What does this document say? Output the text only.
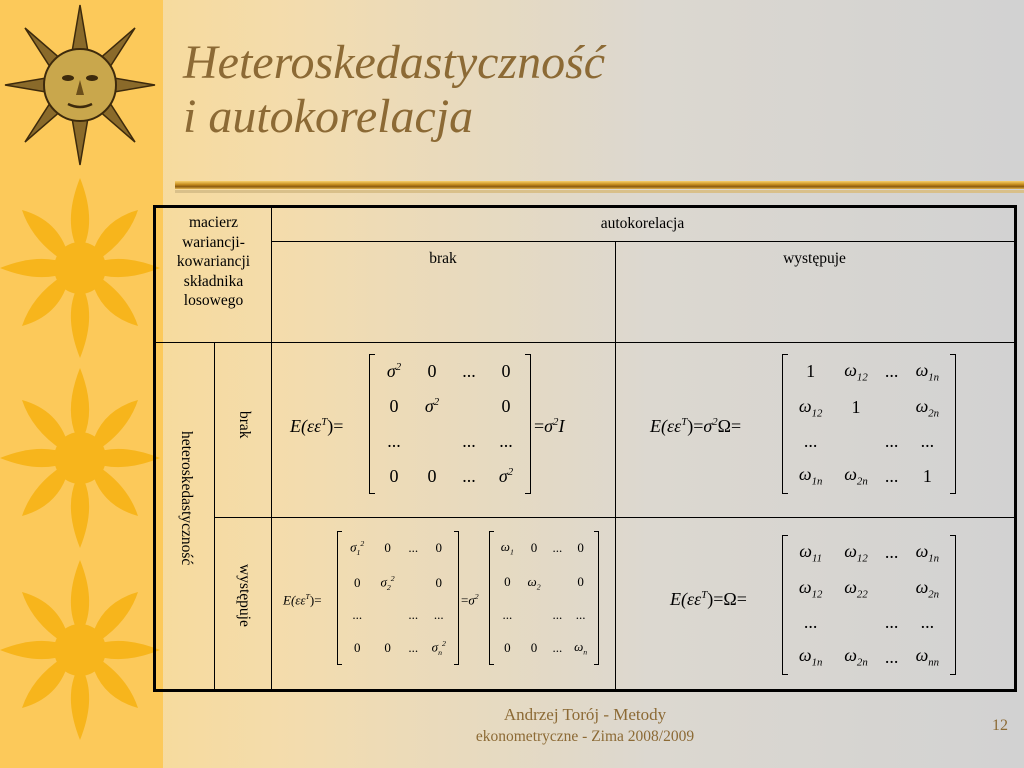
Heteroskedastyczność
i autokorelacja
macierz
wariancji-
kowariancji
składnika
losowego
autokorelacja
brak	występuje
heteroskedastyczność
brak
występuje
$E(\varepsilon\varepsilon^T)=$
$\sigma^2$	0	...	0
0	$\sigma^2$		0
...		...	...
0	0	...	$\sigma^2$
$=\sigma^2I$	$E(\varepsilon\varepsilon^T)=\sigma^2\Omega=$
1	$\omega_{12}$	...	$\omega_{1n}$
$\omega_{12}$	1		$\omega_{2n}$
...		...	...
$\omega_{1n}$	$\omega_{2n}$	...	1
$E(\varepsilon\varepsilon^T)=$
$\sigma_1^2$	0	...	0
0	$\sigma_2^2$		0
...		...	...
0	0	...	$\sigma_n^2$
$=\sigma^2$
$\omega_1$	0	...	0
0	$\omega_2$		0
...		...	...
0	0	...	$\omega_n$
$E(\varepsilon\varepsilon^T)=\Omega=$
$\omega_{11}$	$\omega_{12}$	...	$\omega_{1n}$
$\omega_{12}$	$\omega_{22}$		$\omega_{2n}$
...		...	...
$\omega_{1n}$	$\omega_{2n}$	...	$\omega_{nn}$
Andrzej Torój - Metody
ekonometryczne - Zima 2008/2009
12
